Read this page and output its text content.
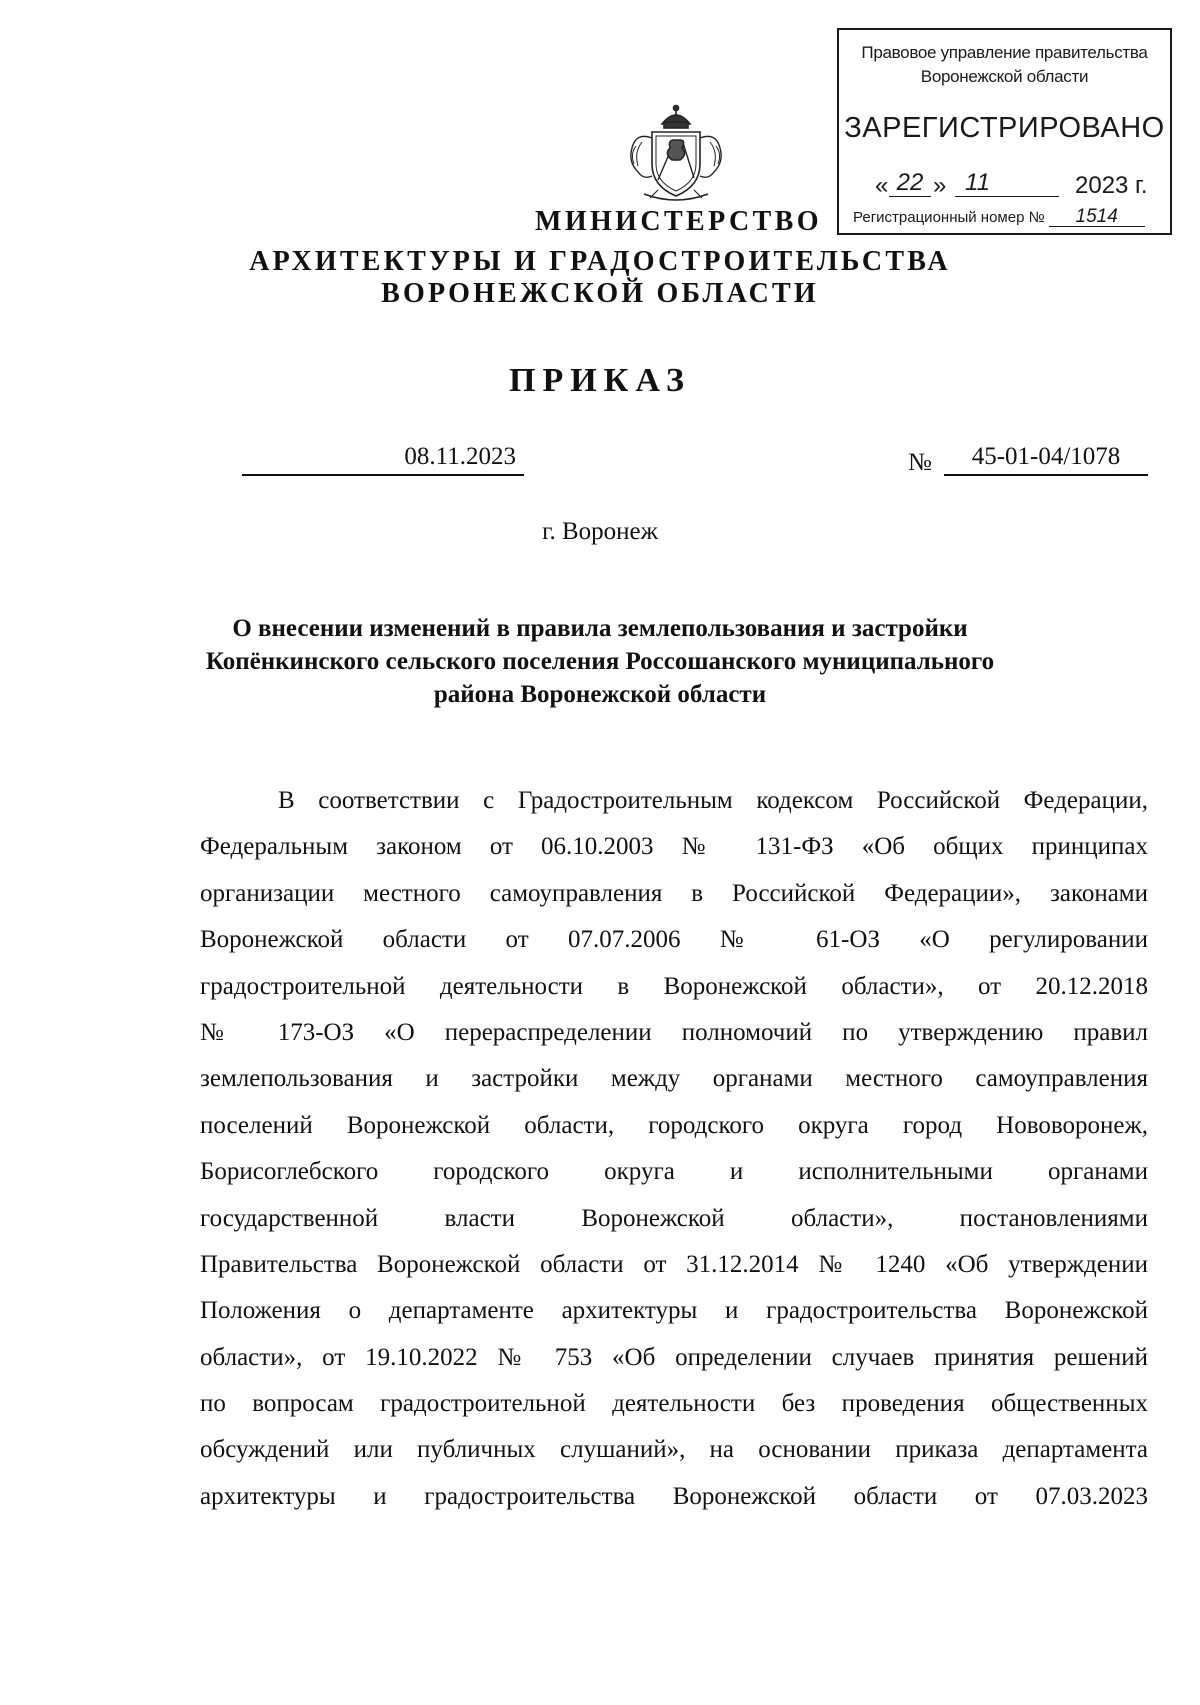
Правовое управление правительства
Воронежской области
ЗАРЕГИСТРИРОВАНО
« 22 » 11	2023 г.
Регистрационный номер № 1514
МИНИСТЕРСТВО
АРХИТЕКТУРЫ И ГРАДОСТРОИТЕЛЬСТВА
ВОРОНЕЖСКОЙ ОБЛАСТИ
ПРИКАЗ
08.11.2023	№	45-01-04/1078
г. Воронеж
О внесении изменений в правила землепользования и застройки
Копёнкинского сельского поселения Россошанского муниципального
района Воронежской области
В соответствии с Градостроительным кодексом Российской Федерации,
Федеральным законом от 06.10.2003 № 131-ФЗ «Об общих принципах
организации местного самоуправления в Российской Федерации», законами
Воронежской области от 07.07.2006 № 61-ОЗ «О регулировании
градостроительной деятельности в Воронежской области», от 20.12.2018
№ 173-ОЗ «О перераспределении полномочий по утверждению правил
землепользования и застройки между органами местного самоуправления
поселений Воронежской области, городского округа город Нововоронеж,
Борисоглебского городского округа и исполнительными органами
государственной власти Воронежской области», постановлениями
Правительства Воронежской области от 31.12.2014 № 1240 «Об утверждении
Положения о департаменте архитектуры и градостроительства Воронежской
области», от 19.10.2022 № 753 «Об определении случаев принятия решений
по вопросам градостроительной деятельности без проведения общественных
обсуждений или публичных слушаний», на основании приказа департамента
архитектуры и градостроительства Воронежской области от 07.03.2023
